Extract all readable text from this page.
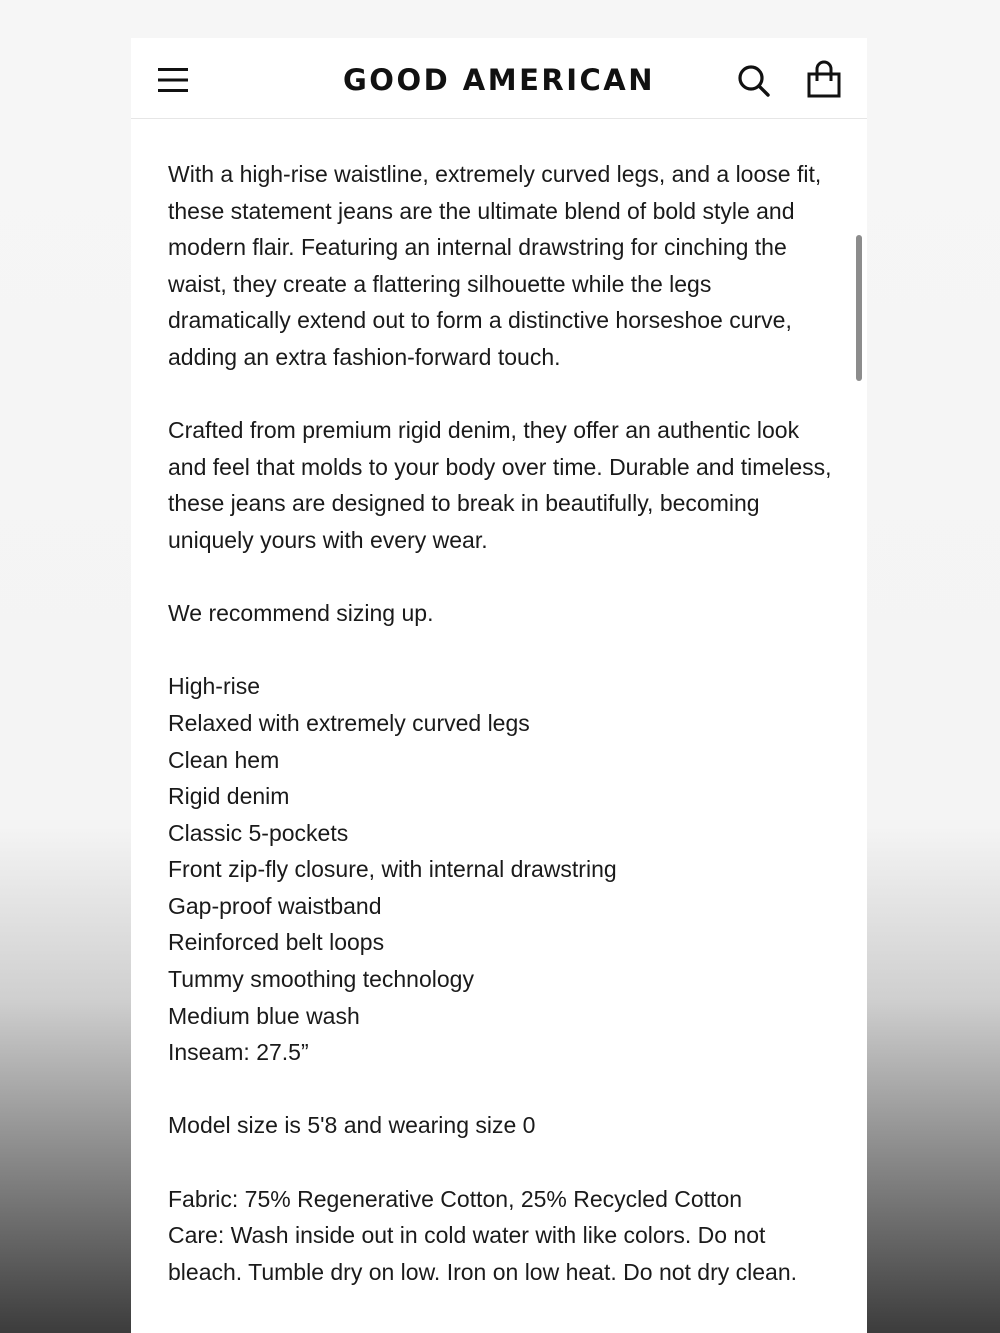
GOOD AMERICAN

With a high-rise waistline, extremely curved legs, and a loose fit, these statement jeans are the ultimate blend of bold style and modern flair. Featuring an internal drawstring for cinching the waist, they create a flattering silhouette while the legs dramatically extend out to form a distinctive horseshoe curve, adding an extra fashion-forward touch.

Crafted from premium rigid denim, they offer an authentic look and feel that molds to your body over time. Durable and timeless, these jeans are designed to break in beautifully, becoming uniquely yours with every wear.

We recommend sizing up.

High-rise
Relaxed with extremely curved legs
Clean hem
Rigid denim
Classic 5-pockets
Front zip-fly closure, with internal drawstring
Gap-proof waistband
Reinforced belt loops
Tummy smoothing technology
Medium blue wash
Inseam: 27.5”

Model size is 5'8 and wearing size 0

Fabric: 75% Regenerative Cotton, 25% Recycled Cotton
Care: Wash inside out in cold water with like colors. Do not bleach. Tumble dry on low. Iron on low heat. Do not dry clean.
